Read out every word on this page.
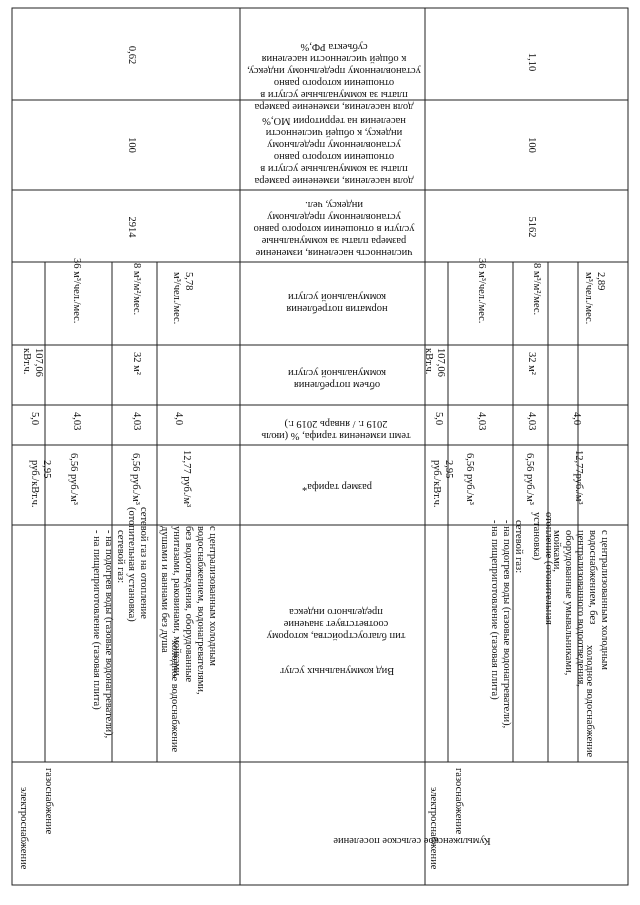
0,62
100
2914
2,95
руб./кВт.ч.
5,0
107,06
кВт.ч.
электроснабжение газоснабжение
сетевой газ:
- на подогрев воды (газовые водонагреватели),
- на пищеприготовление (газовая плита)
6,56 руб./м³
4,03
36 м³/чел./мес.
сетевой газ на отопление (отопительная установка)
6,56 руб./м³
4,03
32 м²
8 м³/м²/мес.
холодное водоснабжение
с централизованным холодным водоснабжением, водонагревателями, без водоотведения, оборудованные унитазами, раковинами, мойками, душами и ваннами без душа
12,77 руб./м³
4,0
5,78
м³/чел./мес.
доля населения, изменение размера платы за коммунальные услуги в отношении которого равно установленному предельному индексу, к общей численности населения субъекта РФ,%
доля населения, изменение размера платы за коммунальные услуги в отношении которого равно установленному предельному индексу, к общей численности населения на территории МО,%
численность населения, изменение размера платы за коммунальные услуги в отношении которого равно установленному предельному индексу, чел.
норматив потребления коммунальной услуги
объем потребления коммунальной услуги
темп изменения тарифа, % (июль 2019 г. / январь 2019 г.)
размер тарифа*
тип благоустройства, которому соответствует значение предельного индекса
Вид коммунальных услуг
Кумылженское сельское поселение
1,10
100
5162
электроснабжение
2,95
руб./кВт.ч.
5,0
107,06
кВт.ч.
газоснабжение
сетевой газ:
- на подогрев воды (газовые водонагреватели),
- на пищеприготовление (газовая плита)
6,56 руб./м³
4,03
36 м³/чел./мес.
отопление (отопительная установка)
6,56 руб./м³
4,03
32 м²
8 м³/м²/мес.
холодное водоснабжение
с централизованным холодным водоснабжением, без централизованного водоотведения, оборудованные умывальниками, мойками,
12,77руб./м³
4,0
2,89
м³/чел./мес.
